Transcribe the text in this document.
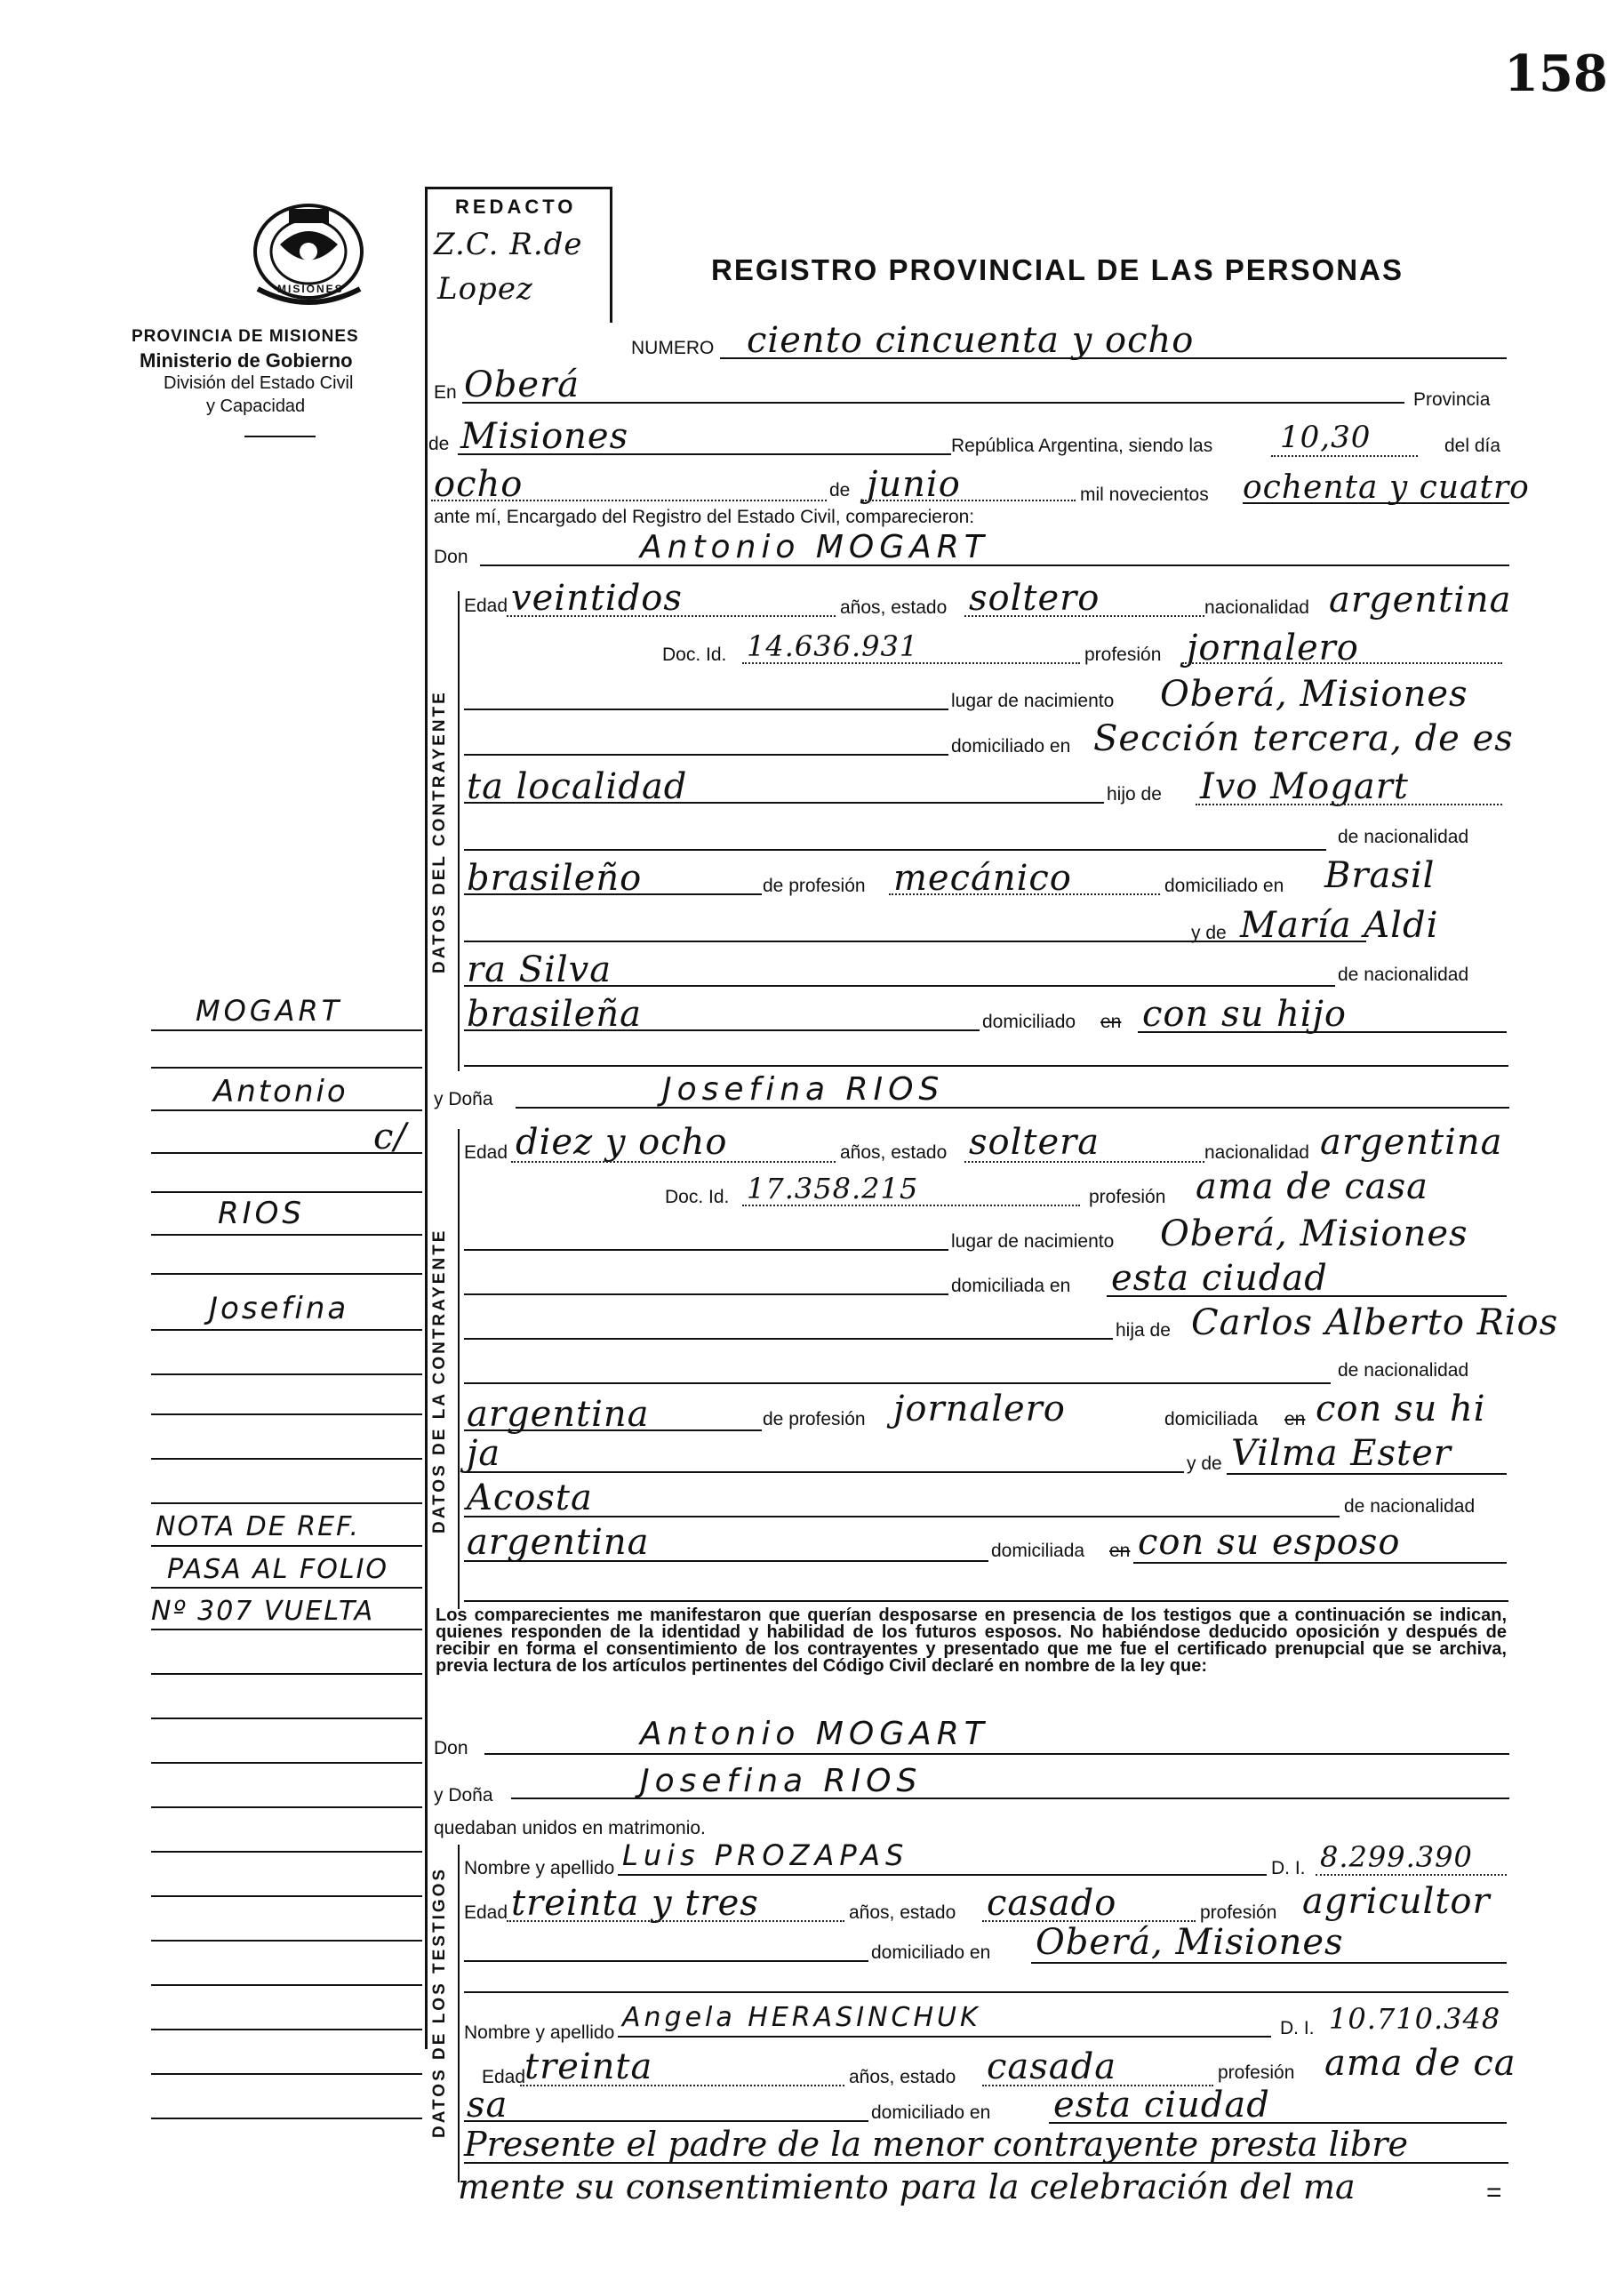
158
MISIONES
PROVINCIA DE MISIONES
Ministerio de Gobierno
División del Estado Civil
y Capacidad
REDACTO
Z.C. R.de
Lopez
REGISTRO PROVINCIAL DE LAS PERSONAS
NUMERO ciento cincuenta y ocho
En Oberá	Provincia
de Misiones	República Argentina, siendo las 10,30	del día
ocho	de junio	mil novecientos ochenta y cuatro
ante mí, Encargado del Registro del Estado Civil, comparecieron:
Don	Antonio MOGART
DATOS DEL CONTRAYENTE
Edad veintidos	años, estado soltero	nacionalidad argentina
Doc. Id. 14.636.931	profesión jornalero
lugar de nacimiento Oberá, Misiones
domiciliado en Sección tercera, de es
ta localidad	hijo de Ivo Mogart
de nacionalidad
brasileño	de profesión mecánico	domiciliado en Brasil
y de María Aldi
ra Silva	de nacionalidad
brasileña	domiciliado en con su hijo
y Doña	Josefina RIOS
DATOS DE LA CONTRAYENTE
Edad diez y ocho	años, estado soltera	nacionalidad argentina
Doc. Id. 17.358.215	profesión ama de casa
lugar de nacimiento Oberá, Misiones
domiciliada en esta ciudad
hija de Carlos Alberto Rios
de nacionalidad
argentina	de profesión jornalero	domiciliada en con su hi
ja	y de Vilma Ester
Acosta	de nacionalidad
argentina	domiciliada en con su esposo
Los comparecientes me manifestaron que querían desposarse en presencia de los testigos que a continuación se indican, quienes responden de la identidad y habilidad de los futuros esposos. No habiéndose deducido oposición y después de recibir en forma el consentimiento de los contrayentes y presentado que me fue el certificado prenupcial que se archiva, previa lectura de los artículos pertinentes del Código Civil declaré en nombre de la ley que:
Don	Antonio MOGART
y Doña	Josefina RIOS
quedaban unidos en matrimonio.
DATOS DE LOS TESTIGOS Nombre y apellido Luis PROZAPAS	D. I. 8.299.390
Edad treinta y tres	años, estado casado	profesión agricultor
domiciliado en Oberá, Misiones
Nombre y apellido Angela HERASINCHUK	D. I. 10.710.348
Edad
treinta	años, estado casada	profesión ama de ca
sa	domiciliado en esta ciudad
Presente el padre de la menor contrayente presta libre
mente su consentimiento para la celebración del ma	=
MOGART
Antonio
c/
RIOS
Josefina
NOTA DE REF.
PASA AL FOLIO
Nº 307 VUELTA
